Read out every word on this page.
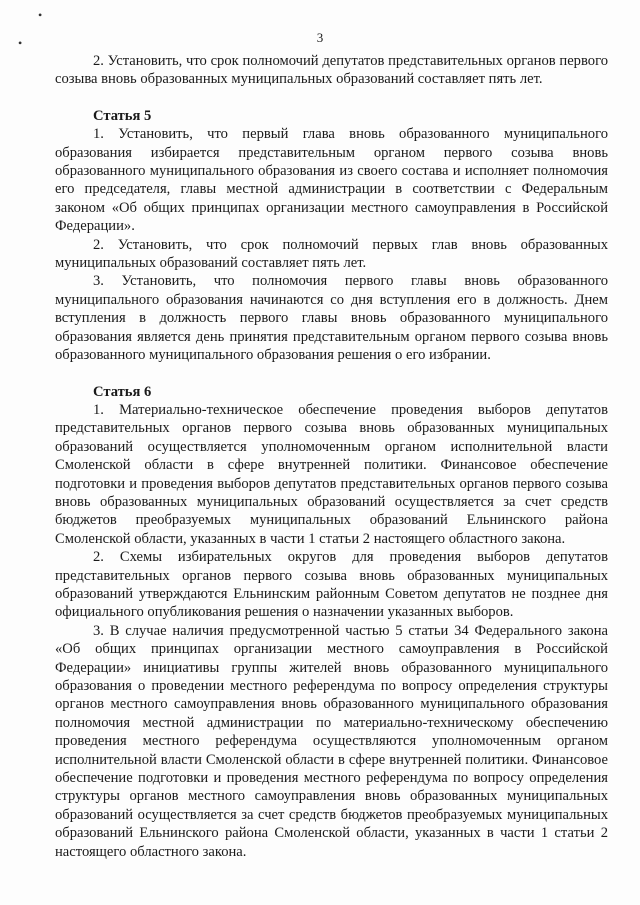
•
•
3

2. Установить, что срок полномочий депутатов представительных органов первого созыва вновь образованных муниципальных образований составляет пять лет.

Статья 5

1. Установить, что первый глава вновь образованного муниципального образования избирается представительным органом первого созыва вновь образованного муниципального образования из своего состава и исполняет полномочия его председателя, главы местной администрации в соответствии с Федеральным законом «Об общих принципах организации местного самоуправления в Российской Федерации».

2. Установить, что срок полномочий первых глав вновь образованных муниципальных образований составляет пять лет.

3. Установить, что полномочия первого главы вновь образованного муниципального образования начинаются со дня вступления его в должность. Днем вступления в должность первого главы вновь образованного муниципального образования является день принятия представительным органом первого созыва вновь образованного муниципального образования решения о его избрании.

Статья 6

1. Материально-техническое обеспечение проведения выборов депутатов представительных органов первого созыва вновь образованных муниципальных образований осуществляется уполномоченным органом исполнительной власти Смоленской области в сфере внутренней политики. Финансовое обеспечение подготовки и проведения выборов депутатов представительных органов первого созыва вновь образованных муниципальных образований осуществляется за счет средств бюджетов преобразуемых муниципальных образований Ельнинского района Смоленской области, указанных в части 1 статьи 2 настоящего областного закона.

2. Схемы избирательных округов для проведения выборов депутатов представительных органов первого созыва вновь образованных муниципальных образований утверждаются Ельнинским районным Советом депутатов не позднее дня официального опубликования решения о назначении указанных выборов.

3. В случае наличия предусмотренной частью 5 статьи 34 Федерального закона «Об общих принципах организации местного самоуправления в Российской Федерации» инициативы группы жителей вновь образованного муниципального образования о проведении местного референдума по вопросу определения структуры органов местного самоуправления вновь образованного муниципального образования полномочия местной администрации по материально-техническому обеспечению проведения местного референдума осуществляются уполномоченным органом исполнительной власти Смоленской области в сфере внутренней политики. Финансовое обеспечение подготовки и проведения местного референдума по вопросу определения структуры органов местного самоуправления вновь образованных муниципальных образований осуществляется за счет средств бюджетов преобразуемых муниципальных образований Ельнинского района Смоленской области, указанных в части 1 статьи 2 настоящего областного закона.
